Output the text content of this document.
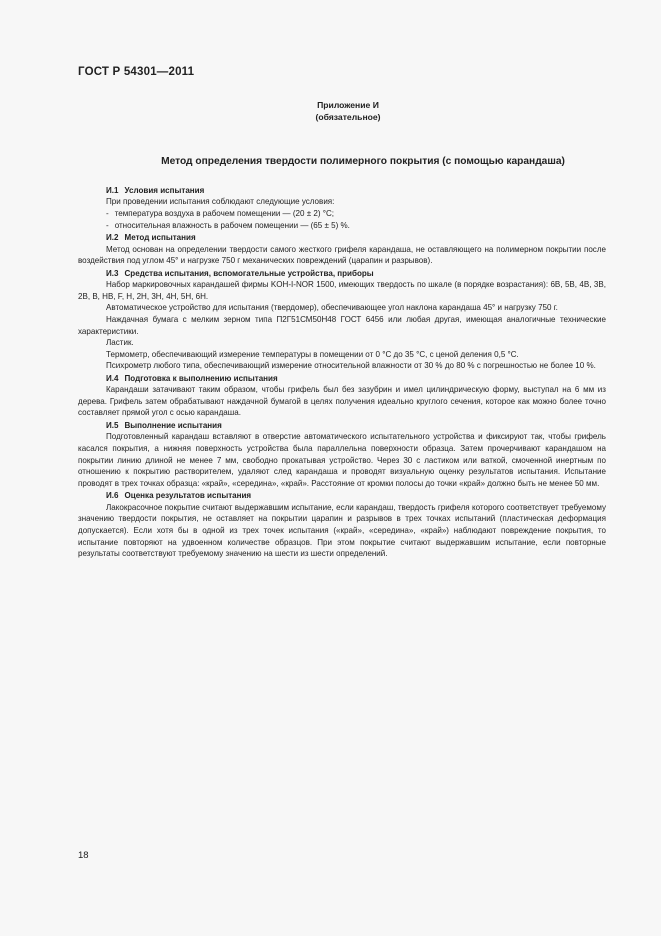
ГОСТ Р 54301—2011
Приложение И
(обязательное)
Метод определения твердости полимерного покрытия (с помощью карандаша)
И.1 Условия испытания
При проведении испытания соблюдают следующие условия:
- температура воздуха в рабочем помещении — (20 ± 2) °С;
- относительная влажность в рабочем помещении — (65 ± 5) %.
И.2 Метод испытания
Метод основан на определении твердости самого жесткого грифеля карандаша, не оставляющего на полимерном покрытии после воздействия под углом 45° и нагрузке 750 г механических повреждений (царапин и разрывов).
И.3 Средства испытания, вспомогательные устройства, приборы
Набор маркировочных карандашей фирмы KOH-I-NOR 1500, имеющих твердость по шкале (в порядке возрастания): 6В, 5В, 4В, 3В, 2В, В, НВ, F, Н, 2Н, 3Н, 4Н, 5Н, 6Н.
Автоматическое устройство для испытания (твердомер), обеспечивающее угол наклона карандаша 45° и нагрузку 750 г.
Наждачная бумага с мелким зерном типа П2Г51СМ50Н48 ГОСТ 6456 или любая другая, имеющая аналогичные технические характеристики.
Ластик.
Термометр, обеспечивающий измерение температуры в помещении от 0 °С до 35 °С, с ценой деления 0,5 °С.
Психрометр любого типа, обеспечивающий измерение относительной влажности от 30 % до 80 % с погрешностью не более 10 %.
И.4 Подготовка к выполнению испытания
Карандаши затачивают таким образом, чтобы грифель был без зазубрин и имел цилиндрическую форму, выступал на 6 мм из дерева. Грифель затем обрабатывают наждачной бумагой в целях получения идеально круглого сечения, которое как можно более точно составляет прямой угол с осью карандаша.
И.5 Выполнение испытания
Подготовленный карандаш вставляют в отверстие автоматического испытательного устройства и фиксируют так, чтобы грифель касался покрытия, а нижняя поверхность устройства была параллельна поверхности образца. Затем прочерчивают карандашом на покрытии линию длиной не менее 7 мм, свободно прокатывая устройство. Через 30 с ластиком или ваткой, смоченной инертным по отношению к покрытию растворителем, удаляют след карандаша и проводят визуальную оценку результатов испытания. Испытание проводят в трех точках образца: «край», «середина», «край». Расстояние от кромки полосы до точки «край» должно быть не менее 50 мм.
И.6 Оценка результатов испытания
Лакокрасочное покрытие считают выдержавшим испытание, если карандаш, твердость грифеля которого соответствует требуемому значению твердости покрытия, не оставляет на покрытии царапин и разрывов в трех точках испытаний (пластическая деформация допускается). Если хотя бы в одной из трех точек испытания («край», «середина», «край») наблюдают повреждение покрытия, то испытание повторяют на удвоенном количестве образцов. При этом покрытие считают выдержавшим испытание, если повторные результаты соответствуют требуемому значению на шести из шести определений.
18
